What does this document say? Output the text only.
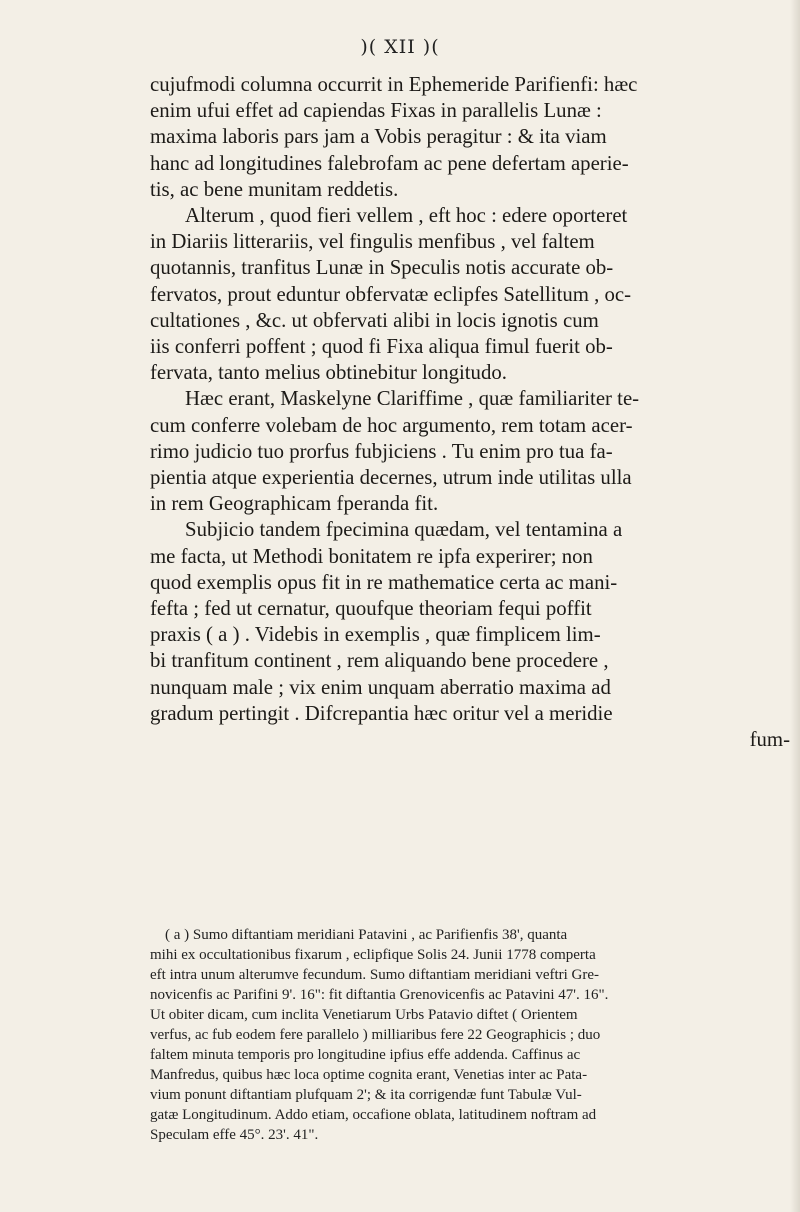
)( XII )(
cujufmodi columna occurrit in Ephemeride Parifienfi: hæc
enim ufui effet ad capiendas Fixas in parallelis Lunæ :
maxima laboris pars jam a Vobis peragitur : & ita viam
hanc ad longitudines falebrofam ac pene defertam aperie-
tis, ac bene munitam reddetis.
Alterum , quod fieri vellem , eft hoc : edere oporteret
in Diariis litterariis, vel fingulis menfibus , vel faltem
quotannis, tranfitus Lunæ in Speculis notis accurate ob-
fervatos, prout eduntur obfervatæ eclipfes Satellitum , oc-
cultationes , &c. ut obfervati alibi in locis ignotis cum
iis conferri poffent ; quod fi Fixa aliqua fimul fuerit ob-
fervata, tanto melius obtinebitur longitudo.
Hæc erant, Maskelyne Clariffime , quæ familiariter te-
cum conferre volebam de hoc argumento, rem totam acer-
rimo judicio tuo prorfus fubjiciens . Tu enim pro tua fa-
pientia atque experientia decernes, utrum inde utilitas ulla
in rem Geographicam fperanda fit.
Subjicio tandem fpecimina quædam, vel tentamina a
me facta, ut Methodi bonitatem re ipfa experirer; non
quod exemplis opus fit in re mathematice certa ac mani-
fefta ; fed ut cernatur, quoufque theoriam fequi poffit
praxis ( a ) . Videbis in exemplis , quæ fimplicem lim-
bi tranfitum continent , rem aliquando bene procedere ,
nunquam male ; vix enim unquam aberratio maxima ad
gradum pertingit . Difcrepantia hæc oritur vel a meridie
fum-
( a ) Sumo diftantiam meridiani Patavini , ac Parifienfis 38', quanta
mihi ex occultationibus fixarum , eclipfique Solis 24. Junii 1778 comperta
eft intra unum alterumve fecundum. Sumo diftantiam meridiani veftri Gre-
novicenfis ac Parifini 9'. 16": fit diftantia Grenovicenfis ac Patavini 47'. 16".
Ut obiter dicam, cum inclita Venetiarum Urbs Patavio diftet ( Orientem
verfus, ac fub eodem fere parallelo ) milliaribus fere 22 Geographicis ; duo
faltem minuta temporis pro longitudine ipfius effe addenda. Caffinus ac
Manfredus, quibus hæc loca optime cognita erant, Venetias inter ac Pata-
vium ponunt diftantiam plufquam 2'; & ita corrigendæ funt Tabulæ Vul-
gatæ Longitudinum. Addo etiam, occafione oblata, latitudinem noftram ad
Speculam effe 45°. 23'. 41".
